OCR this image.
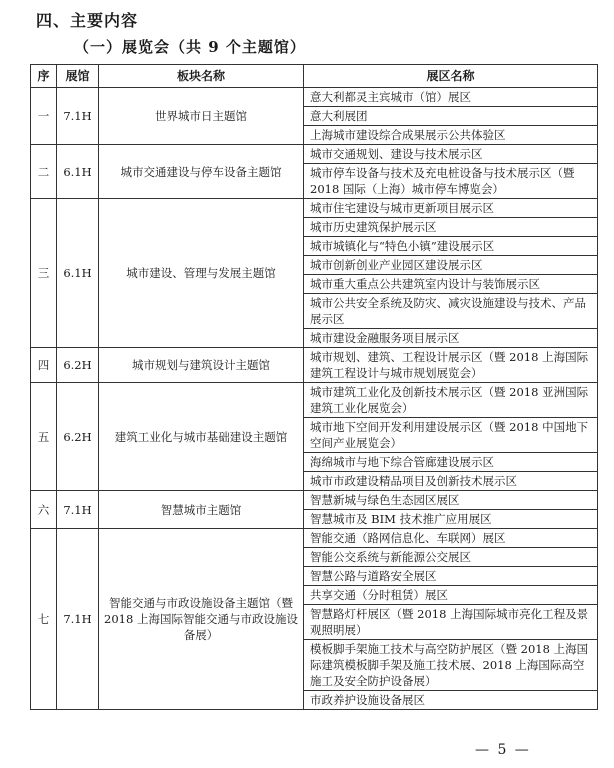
四、主要内容
（一）展览会（共 9 个主题馆）
序	展馆	板块名称	展区名称
一	7.1H	世界城市日主题馆	意大利都灵主宾城市（馆）展区
			意大利展团
			上海城市建设综合成果展示公共体验区
二	6.1H	城市交通建设与停车设备主题馆	城市交通规划、建设与技术展示区
			城市停车设备与技术及充电桩设备与技术展示区（暨 2018 国际（上海）城市停车博览会）
三	6.1H	城市建设、管理与发展主题馆	城市住宅建设与城市更新项目展示区
			城市历史建筑保护展示区
			城市城镇化与“特色小镇”建设展示区
			城市创新创业产业园区建设展示区
			城市重大重点公共建筑室内设计与装饰展示区
			城市公共安全系统及防灾、减灾设施建设与技术、产品展示区
			城市建设金融服务项目展示区
四	6.2H	城市规划与建筑设计主题馆	城市规划、建筑、工程设计展示区（暨 2018 上海国际建筑工程设计与城市规划展览会）
五	6.2H	建筑工业化与城市基础建设主题馆	城市建筑工业化及创新技术展示区（暨 2018 亚洲国际建筑工业化展览会）
			城市地下空间开发利用建设展示区（暨 2018 中国地下空间产业展览会）
			海绵城市与地下综合管廊建设展示区
			城市市政建设精品项目及创新技术展示区
六	7.1H	智慧城市主题馆	智慧新城与绿色生态园区展区
			智慧城市及 BIM 技术推广应用展区
七	7.1H	智能交通与市政设施设备主题馆（暨 2018 上海国际智能交通与市政设施设备展）	智能交通（路网信息化、车联网）展区
			智能公交系统与新能源公交展区
			智慧公路与道路安全展区
			共享交通（分时租赁）展区
			智慧路灯杆展区（暨 2018 上海国际城市亮化工程及景观照明展）
			模板脚手架施工技术与高空防护展区（暨 2018 上海国际建筑模板脚手架及施工技术展、2018 上海国际高空施工及安全防护设备展）
			市政养护设施设备展区
— 5 —
